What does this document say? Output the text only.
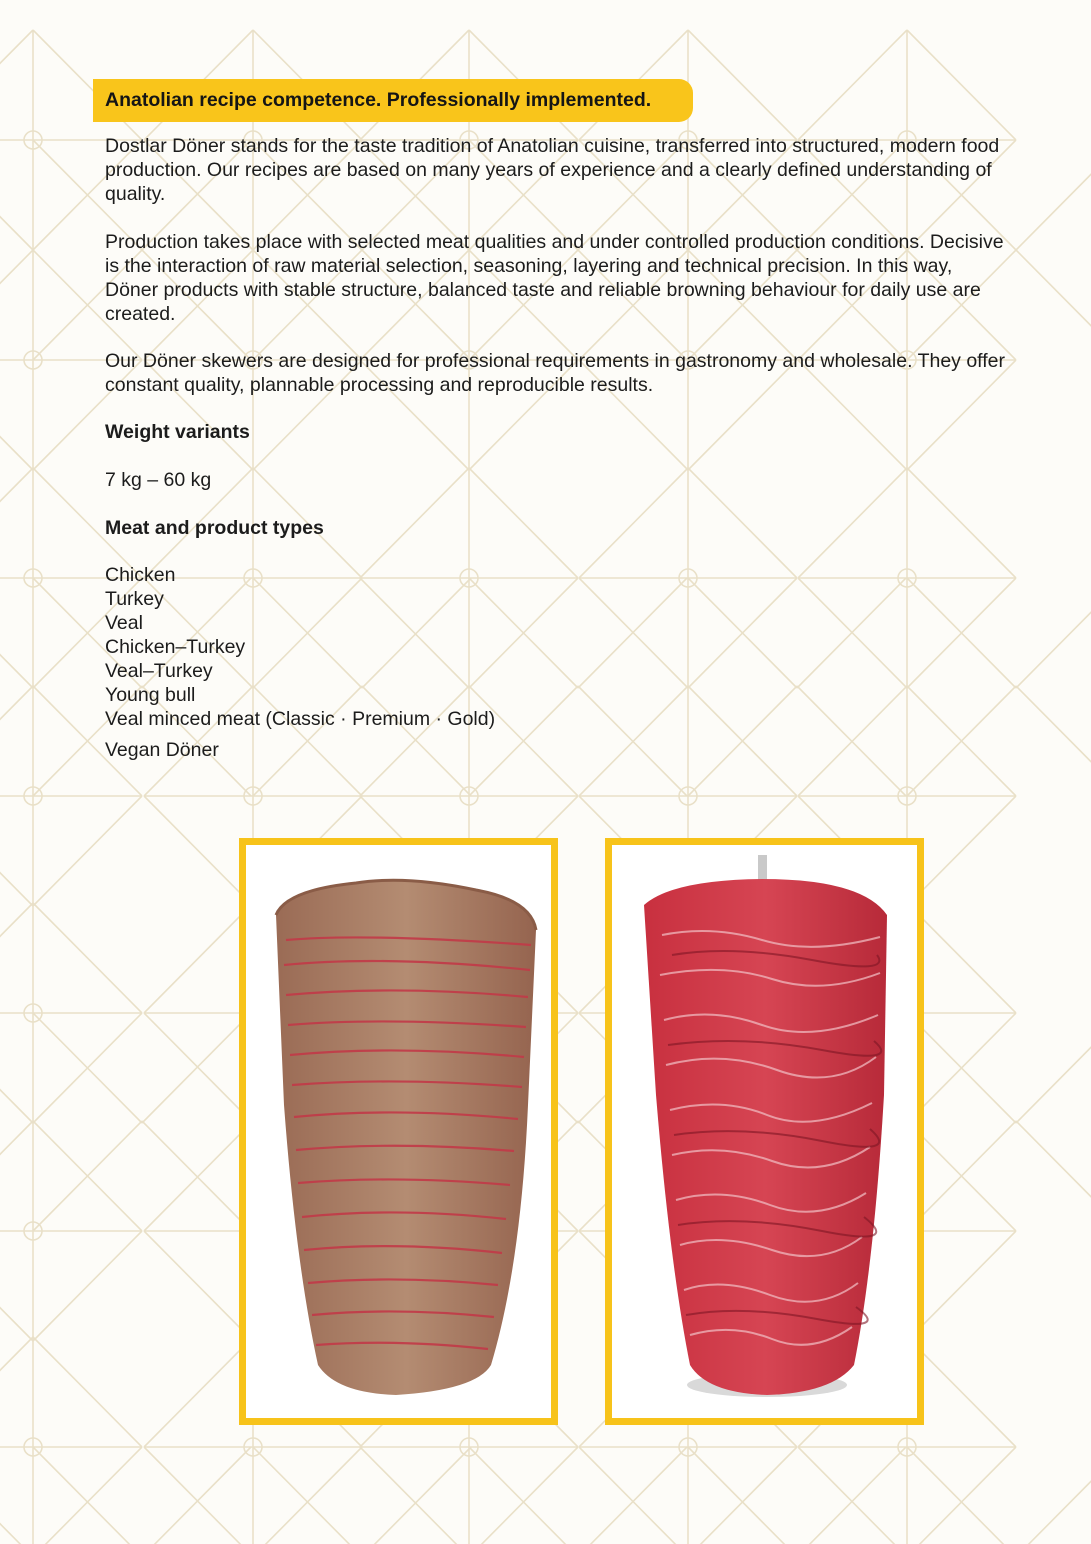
Anatolian recipe competence. Professionally implemented.

Dostlar Döner stands for the taste tradition of Anatolian cuisine, transferred into structured, modern food production. Our recipes are based on many years of experience and a clearly defined understanding of quality.

Production takes place with selected meat qualities and under controlled production conditions. Decisive is the interaction of raw material selection, seasoning, layering and technical precision. In this way, Döner products with stable structure, balanced taste and reliable browning behaviour for daily use are created.

Our Döner skewers are designed for professional requirements in gastronomy and wholesale. They offer constant quality, plannable processing and reproducible results.

Weight variants
7 kg – 60 kg
Meat and product types
Chicken
Turkey
Veal
Chicken–Turkey
Veal–Turkey
Young bull
Veal minced meat (Classic · Premium · Gold)
Vegan Döner
